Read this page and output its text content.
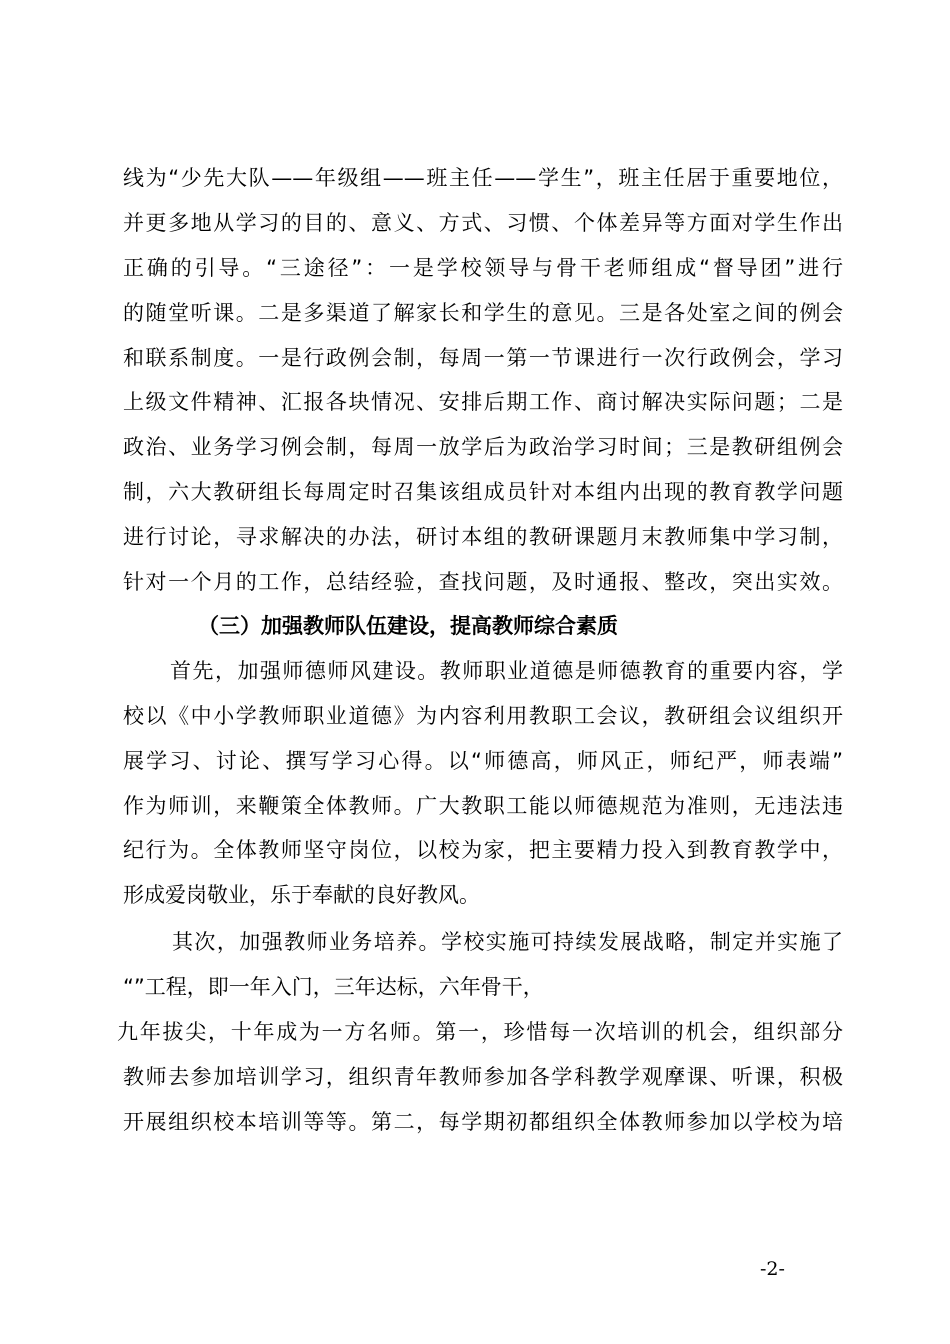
线为“少先大队——年级组——班主任——学生”，班主任居于重要地位，
并更多地从学习的目的、意义、方式、习惯、个体差异等方面对学生作出
正确的引导。“三途径”：一是学校领导与骨干老师组成“督导团”进行
的随堂听课。二是多渠道了解家长和学生的意见。三是各处室之间的例会
和联系制度。一是行政例会制，每周一第一节课进行一次行政例会，学习
上级文件精神、汇报各块情况、安排后期工作、商讨解决实际问题；二是
政治、业务学习例会制，每周一放学后为政治学习时间；三是教研组例会
制，六大教研组长每周定时召集该组成员针对本组内出现的教育教学问题
进行讨论，寻求解决的办法，研讨本组的教研课题月末教师集中学习制，
针对一个月的工作，总结经验，查找问题，及时通报、整改，突出实效。
（三）加强教师队伍建设，提高教师综合素质
首先，加强师德师风建设。教师职业道德是师德教育的重要内容，学
校以《中小学教师职业道德》为内容利用教职工会议，教研组会议组织开
展学习、讨论、撰写学习心得。以“师德高，师风正，师纪严，师表端”
作为师训，来鞭策全体教师。广大教职工能以师德规范为准则，无违法违
纪行为。全体教师坚守岗位，以校为家，把主要精力投入到教育教学中，
形成爱岗敬业，乐于奉献的良好教风。
其次，加强教师业务培养。学校实施可持续发展战略，制定并实施了
“”工程，即一年入门，三年达标，六年骨干，
九年拔尖，十年成为一方名师。第一，珍惜每一次培训的机会，组织部分
教师去参加培训学习，组织青年教师参加各学科教学观摩课、听课，积极
开展组织校本培训等等。第二，每学期初都组织全体教师参加以学校为培
-2-
